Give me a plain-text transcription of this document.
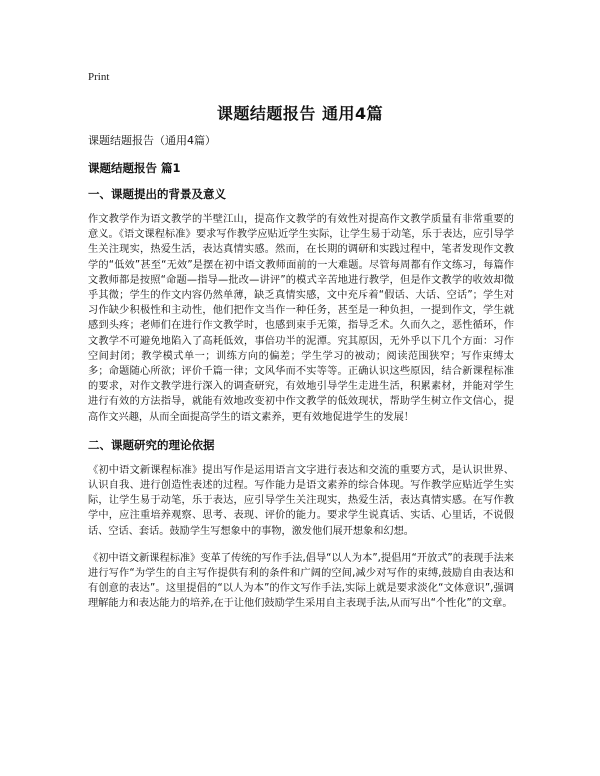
Print
课题结题报告 通用4篇

课题结题报告（通用4篇）

课题结题报告 篇1

一、课题提出的背景及意义

作文教学作为语文教学的半壁江山，提高作文教学的有效性对提高作文教学质量有非常重要的意义。《语文课程标准》要求写作教学应贴近学生实际，让学生易于动笔，乐于表达，应引导学生关注现实，热爱生活，表达真情实感。然而，在长期的调研和实践过程中，笔者发现作文教学的“低效”甚至“无效”是摆在初中语文教师面前的一大难题。尽管每周都有作文练习，每篇作文教师都是按照“命题—指导—批改—讲评”的模式辛苦地进行教学，但是作文教学的收效却微乎其微；学生的作文内容仍然单薄，缺乏真情实感，文中充斥着“假话、大话、空话”；学生对习作缺少积极性和主动性，他们把作文当作一种任务，甚至是一种负担，一提到作文，学生就感到头疼；老师们在进行作文教学时，也感到束手无策，指导乏术。久而久之，恶性循环，作文教学不可避免地陷入了高耗低效，事倍功半的泥潭。究其原因，无外乎以下几个方面：习作空间封闭；教学模式单一；训练方向的偏差；学生学习的被动；阅读范围狭窄；写作束缚太多；命题随心所欲；评价千篇一律；文风华而不实等等。正确认识这些原因，结合新课程标准的要求，对作文教学进行深入的调查研究，有效地引导学生走进生活，积累素材，并能对学生进行有效的方法指导，就能有效地改变初中作文教学的低效现状，帮助学生树立作文信心，提高作文兴趣，从而全面提高学生的语文素养，更有效地促进学生的发展！

二、课题研究的理论依据

《初中语文新课程标准》提出写作是运用语言文字进行表达和交流的重要方式，是认识世界、认识自我、进行创造性表述的过程。写作能力是语文素养的综合体现。写作教学应贴近学生实际，让学生易于动笔，乐于表达，应引导学生关注现实，热爱生活，表达真情实感。在写作教学中，应注重培养观察、思考、表现、评价的能力。要求学生说真话、实话、心里话，不说假话、空话、套话。鼓励学生写想象中的事物，激发他们展开想象和幻想。

《初中语文新课程标准》变革了传统的写作手法,倡导“以人为本”,提倡用“开放式”的表现手法来进行写作“为学生的自主写作提供有利的条件和广阔的空间,减少对写作的束缚,鼓励自由表达和有创意的表达”。这里提倡的“以人为本”的作文写作手法,实际上就是要求淡化“文体意识”,强调理解能力和表达能力的培养,在于让他们鼓励学生采用自主表现手法,从而写出“个性化”的文章。
